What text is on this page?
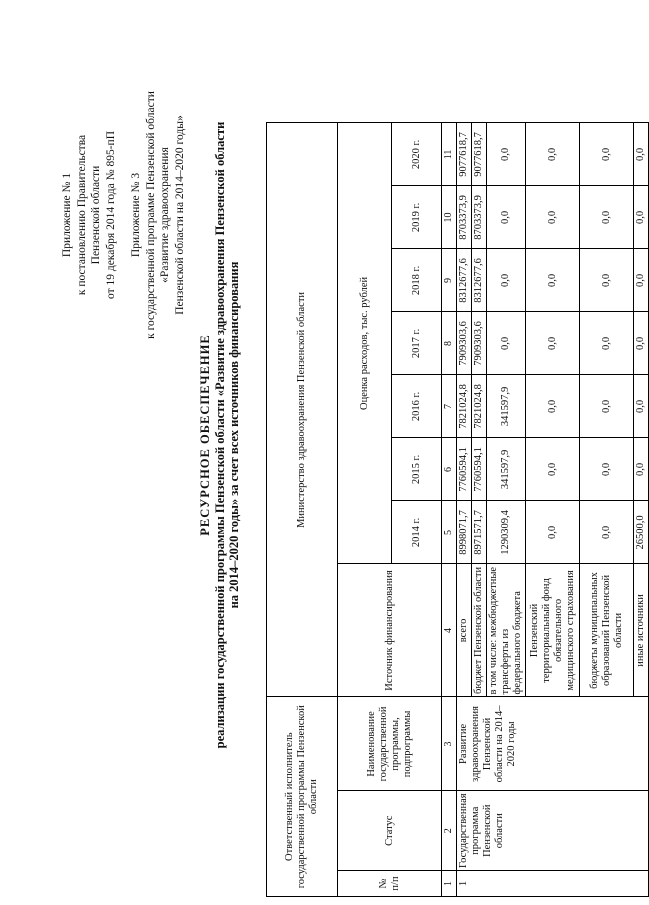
Приложение № 1 к постановлению Правительства Пензенской области от 19 декабря 2014 года № 895-пП Приложение № 3 к государственной программе Пензенской области «Развитие здравоохранения Пензенской области на 2014–2020 годы»
РЕСУРСНОЕ ОБЕСПЕЧЕНИЕ реализации государственной программы Пензенской области «Развитие здравоохранения Пензенской области на 2014–2020 годы» за счет всех источников финансирования
Ответственный исполнитель государственной программы Пензенской области			Министерство здравоохранения Пензенской области							
№ п/п	Статус	Наименование государственной программы, подпрограммы	Источник финансирования	Оценка расходов, тыс. рублей						
				2014 г.	2015 г.	2016 г.	2017 г.	2018 г.	2019 г.	2020 г.
1	2	3	4	5	6	7	8	9	10	11
1	Государственная программа Пензенской области	Развитие здравоохранения Пензенской области на 2014–2020 годы	всего	8998071,7	7760594,1	7821024,8	7909303,6	8312677,6	8703373,9	9077618,7
			бюджет Пензенской области	8971571,7	7760594,1	7821024,8	7909303,6	8312677,6	8703373,9	9077618,7
			в том числе: межбюджетные трансферты из федерального бюджета	1290309,4	341597,9	341597,9	0,0	0,0	0,0	0,0
			Пензенский территориальный фонд обязательного медицинского страхования	0,0	0,0	0,0	0,0	0,0	0,0	0,0
			бюджеты муниципальных образований Пензенской области	0,0	0,0	0,0	0,0	0,0	0,0	0,0
			иные источники	26500,0	0,0	0,0	0,0	0,0	0,0	0,0
